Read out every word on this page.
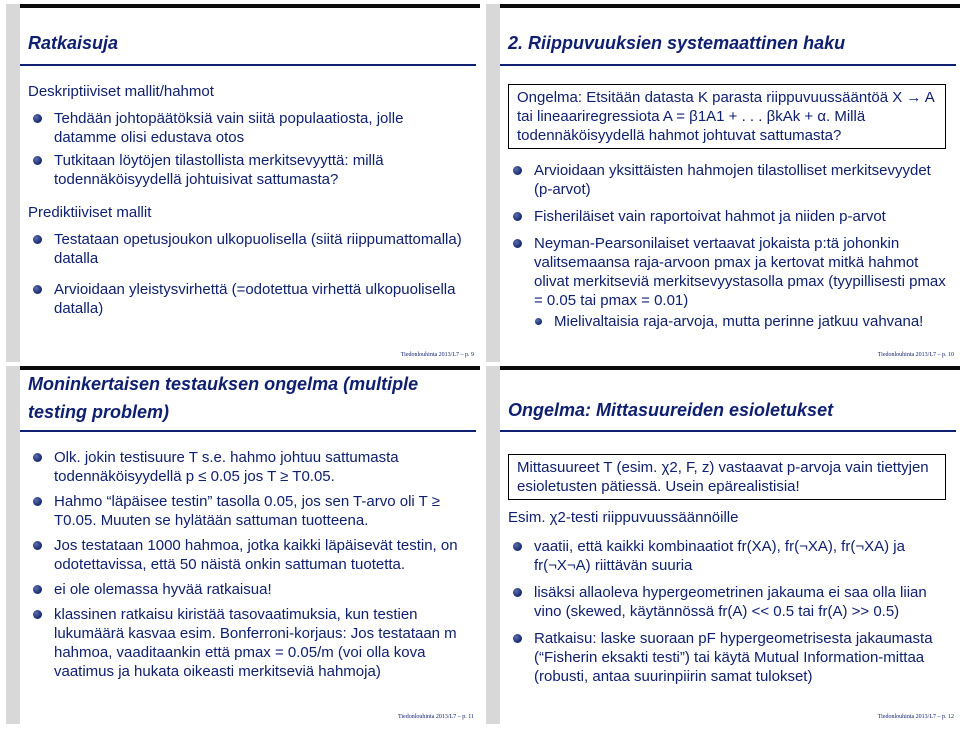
Ratkaisuja

Deskriptiiviset mallit/hahmot

Tehdään johtopäätöksiä vain siitä populaatiosta, jolle datamme olisi edustava otos
Tutkitaan löytöjen tilastollista merkitsevyyttä: millä todennäköisyydellä johtuisivat sattumasta?

Prediktiiviset mallit

Testataan opetusjoukon ulkopuolisella (siitä riippumattomalla) datalla
Arvioidaan yleistysvirhettä (=odotettua virhettä ulkopuolisella datalla)
Tiedonlouhinta 2013/L7 – p. 9
2. Riippuvuuksien systemaattinen haku
Ongelma: Etsitään datasta K parasta riippuvuussääntöä X → A tai lineaariregressiota A = β1A1 + . . . βkAk + α. Millä todennäköisyydellä hahmot johtuvat sattumasta?
Arvioidaan yksittäisten hahmojen tilastolliset merkitsevyydet (p-arvot)
Fisheriläiset vain raportoivat hahmot ja niiden p-arvot
Neyman-Pearsonilaiset vertaavat jokaista p:tä johonkin valitsemaansa raja-arvoon pmax ja kertovat mitkä hahmot olivat merkitseviä merkitsevyystasolla pmax (tyypillisesti pmax = 0.05 tai pmax = 0.01)
Mielivaltaisia raja-arvoja, mutta perinne jatkuu vahvana!
Tiedonlouhinta 2013/L7 – p. 10
Moninkertaisen testauksen ongelma (multiple testing problem)
Olk. jokin testisuure T s.e. hahmo johtuu sattumasta todennäköisyydellä p ≤ 0.05 jos T ≥ T0.05.
Hahmo “läpäisee testin” tasolla 0.05, jos sen T-arvo oli T ≥ T0.05. Muuten se hylätään sattuman tuotteena.
Jos testataan 1000 hahmoa, jotka kaikki läpäisevät testin, on odotettavissa, että 50 näistä onkin sattuman tuotetta.
ei ole olemassa hyvää ratkaisua!
klassinen ratkaisu kiristää tasovaatimuksia, kun testien lukumäärä kasvaa esim. Bonferroni-korjaus: Jos testataan m hahmoa, vaaditaankin että pmax = 0.05/m (voi olla kova vaatimus ja hukata oikeasti merkitseviä hahmoja)
Tiedonlouhinta 2013/L7 – p. 11
Ongelma: Mittasuureiden esioletukset
Mittasuureet T (esim. χ2, F, z) vastaavat p-arvoja vain tiettyjen esioletusten pätiessä. Usein epärealistisia!

Esim. χ2-testi riippuvuussäännöille

vaatii, että kaikki kombinaatiot fr(XA), fr(¬XA), fr(¬XA) ja fr(¬X¬A) riittävän suuria
lisäksi allaoleva hypergeometrinen jakauma ei saa olla liian vino (skewed, käytännössä fr(A) << 0.5 tai fr(A) >> 0.5)
Ratkaisu: laske suoraan pF hypergeometrisesta jakaumasta (“Fisherin eksakti testi”) tai käytä Mutual Information-mittaa (robusti, antaa suurinpiirin samat tulokset)
Tiedonlouhinta 2013/L7 – p. 12
